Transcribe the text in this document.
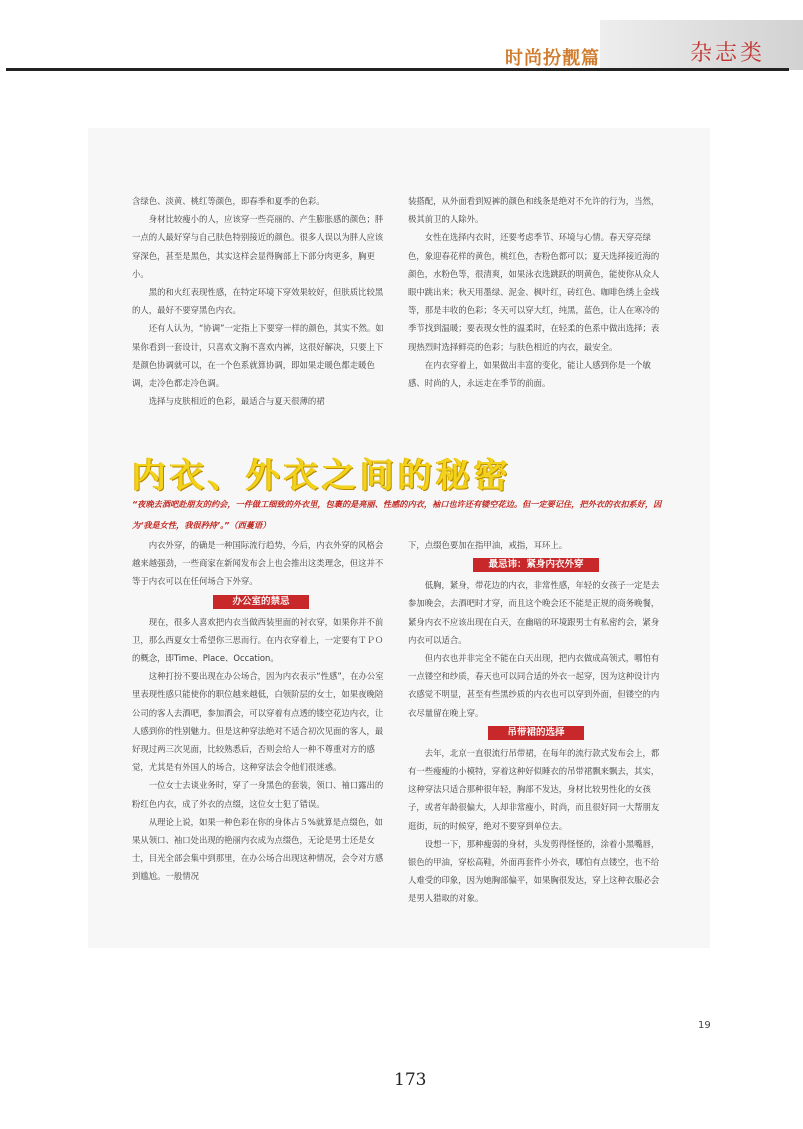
时尚扮靓篇	杂志类

含绿色、淡黄、桃红等颜色，即春季和夏季的色彩。

身材比较瘦小的人，应该穿一些亮丽的、产生膨胀感的颜色；胖一点的人最好穿与自己肤色特别接近的颜色。很多人误以为胖人应该穿深色，甚至是黑色，其实这样会显得胸部上下部分肉更多，胸更小。

黑的和火红表现性感，在特定环境下穿效果较好，但肤质比较黑的人，最好不要穿黑色内衣。

还有人认为，“协调”一定指上下要穿一样的颜色，其实不然。如果你看到一套设计，只喜欢文胸不喜欢内裤，这很好解决，只要上下是颜色协调就可以，在一个色系就算协调，即如果走暖色都走暖色调，走冷色都走冷色调。

选择与皮肤相近的色彩，最适合与夏天很薄的裙

装搭配，从外面看到短裤的颜色和线条是绝对不允许的行为，当然，极其前卫的人除外。

女性在选择内衣时，还要考虑季节、环境与心情。春天穿亮绿色，象迎春花样的黄色，桃红色，杏粉色都可以；夏天选择接近海的颜色，水粉色等，很清爽，如果泳衣选跳跃的明黄色，能使你从众人眼中跳出来；秋天用墨绿、泥金、枫叶红，砖红色、咖啡色绣上金线等，那是丰收的色彩；冬天可以穿大红，纯黑，蓝色，让人在寒冷的季节找到温暖；要表现女性的温柔时，在轻柔的色系中做出选择；表现热烈时选择鲜亮的色彩；与肤色相近的内衣，最安全。

在内衣穿着上，如果做出丰富的变化，能让人感到你是一个敏感、时尚的人，永远走在季节的前面。

内衣、外衣之间的秘密
“夜晚去酒吧赴朋友的约会，一件做工细致的外衣里，包裹的是亮丽、性感的内衣，袖口也许还有镂空花边。但一定要记住，把外衣的衣扣系好，因为‘我是女性，我很矜持’。”（西蔓语）

内衣外穿，的确是一种国际流行趋势，今后，内衣外穿的风格会越来越强劲，一些商家在新闻发布会上也会推出这类理念，但这并不等于内衣可以在任何场合下外穿。

办公室的禁忌

现在，很多人喜欢把内衣当做西装里面的衬衣穿，如果你并不前卫，那么西夏女士希望你三思而行。在内衣穿着上，一定要有ＴＰＯ的概念，即Time、Place、Occation。

这种打扮不要出现在办公场合，因为内衣表示“性感”，在办公室里表现性感只能使你的职位越来越低，白领阶层的女士，如果夜晚陪公司的客人去酒吧，参加酒会，可以穿着有点透的镂空花边内衣，让人感到你的性别魅力。但是这种穿法绝对不适合初次见面的客人，最好现过两三次见面，比较熟悉后，否则会给人一种不尊重对方的感觉，尤其是有外国人的场合，这种穿法会令他们很迷惑。

一位女士去谈业务时，穿了一身黑色的套装，领口、袖口露出的粉红色内衣，成了外衣的点缀，这位女士犯了错误。

从理论上说，如果一种色彩在你的身体占５%就算是点缀色，如果从领口、袖口处出现的艳丽内衣成为点缀色，无论是男士还是女士，目光全部会集中到那里，在办公场合出现这种情况，会令对方感到尴尬。一般情况

下，点缀色要加在指甲油，戒指，耳环上。

最忌讳：紧身内衣外穿

低胸，紧身，带花边的内衣，非常性感，年轻的女孩子一定是去参加晚会，去酒吧时才穿，而且这个晚会还不能是正规的商务晚餐，紧身内衣不应该出现在白天，在幽暗的环境跟男士有私密约会，紧身内衣可以适合。

但内衣也并非完全不能在白天出现，把内衣做成高领式，哪怕有一点镂空和纱质，春天也可以同合适的外衣一起穿，因为这种设计内衣感觉不明显，甚至有些黑纱质的内衣也可以穿到外面，但镂空的内衣尽量留在晚上穿。

吊带裙的选择

去年，北京一直很流行吊带裙，在每年的流行款式发布会上，都有一些瘦瘦的小模特，穿着这种好似睡衣的吊带裙飘来飘去，其实，这种穿法只适合那种很年轻，胸部不发达，身材比较男性化的女孩子，或者年龄很偏大，人却非常瘦小，时尚，而且很好同一大帮朋友逛街，玩的时候穿，绝对不要穿到单位去。

设想一下，那种瘦弱的身材，头发剪得怪怪的，涂着小黑嘴唇，银色的甲油，穿松高鞋，外面再套件小外衣，哪怕有点镂空，也不给人难受的印象，因为她胸部偏平，如果胸很发达，穿上这种衣服必会是男人猎取的对象。

19
173
